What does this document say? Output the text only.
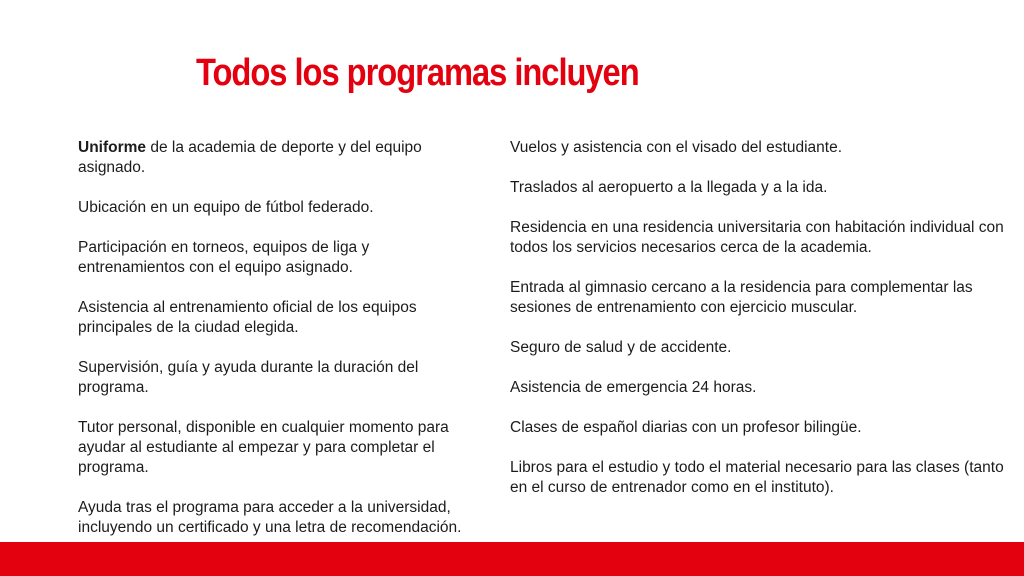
Todos los programas incluyen

Uniforme de la academia de deporte y del equipo asignado.

Ubicación en un equipo de fútbol federado.

Participación en torneos, equipos de liga y entrenamientos con el equipo asignado.

Asistencia al entrenamiento oficial de los equipos principales de la ciudad elegida.

Supervisión, guía y ayuda durante la duración del programa.

Tutor personal, disponible en cualquier momento para ayudar al estudiante al empezar y para completar el programa.

Ayuda tras el programa para acceder a la universidad, incluyendo un certificado y una letra de recomendación.

Vuelos y asistencia con el visado del estudiante.

Traslados al aeropuerto a la llegada y a la ida.

Residencia en una residencia universitaria con habitación individual con todos los servicios necesarios cerca de la academia.

Entrada al gimnasio cercano a la residencia para complementar las sesiones de entrenamiento con ejercicio muscular.

Seguro de salud y de accidente.

Asistencia de emergencia 24 horas.

Clases de español diarias con un profesor bilingüe.

Libros para el estudio y todo el material necesario para las clases (tanto en el curso de entrenador como en el instituto).
